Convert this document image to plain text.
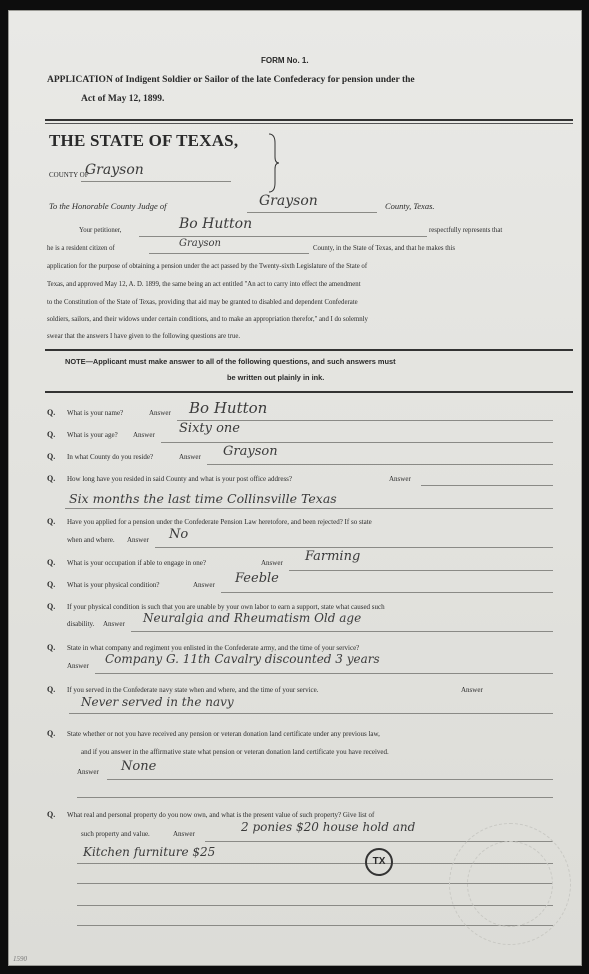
FORM No. 1.
APPLICATION of Indigent Soldier or Sailor of the late Confederacy for pension under the
Act of May 12, 1899.
THE STATE OF TEXAS,
COUNTY OF
Grayson
To the Honorable County Judge of	Grayson	County, Texas.
Your petitioner,	Bo Hutton	respectfully represents that
he is a resident citizen of	Grayson	County, in the State of Texas, and that he makes this
application for the purpose of obtaining a pension under the act passed by the Twenty-sixth Legislature of the State of
Texas, and approved May 12, A. D. 1899, the same being an act entitled "An act to carry into effect the amendment
to the Constitution of the State of Texas, providing that aid may be granted to disabled and dependent Confederate
soldiers, sailors, and their widows under certain conditions, and to make an appropriation therefor," and I do solemnly
swear that the answers I have given to the following questions are true.
NOTE—Applicant must make answer to all of the following questions, and such answers must
be written out plainly in ink.
Q. What is your name?	Answer Bo Hutton
Q. What is your age? Answer Sixty one
Q. In what County do you reside?	Answer Grayson
Q. How long have you resided in said County and what is your post office address?	Answer
Six months the last time Collinsville Texas
Q. Have you applied for a pension under the Confederate Pension Law heretofore, and been rejected? If so state
when and where. Answer No
Q. What is your occupation if able to engage in one?	Answer Farming
Q. What is your physical condition?	Answer Feeble
Q. If your physical condition is such that you are unable by your own labor to earn a support, state what caused such
disability. Answer Neuralgia and Rheumatism Old age
Q. State in what company and regiment you enlisted in the Confederate army, and the time of your service?
Answer Company G. 11th Cavalry discounted 3 years
Q. If you served in the Confederate navy state when and where, and the time of your service.	Answer
Never served in the navy
Q. State whether or not you have received any pension or veteran donation land certificate under any previous law,
and if you answer in the affirmative state what pension or veteran donation land certificate you have received.
Answer None
Q. What real and personal property do you now own, and what is the present value of such property? Give list of
such property and value.	Answer	2 ponies $20 house hold and
Kitchen furniture $25
TX
1590
